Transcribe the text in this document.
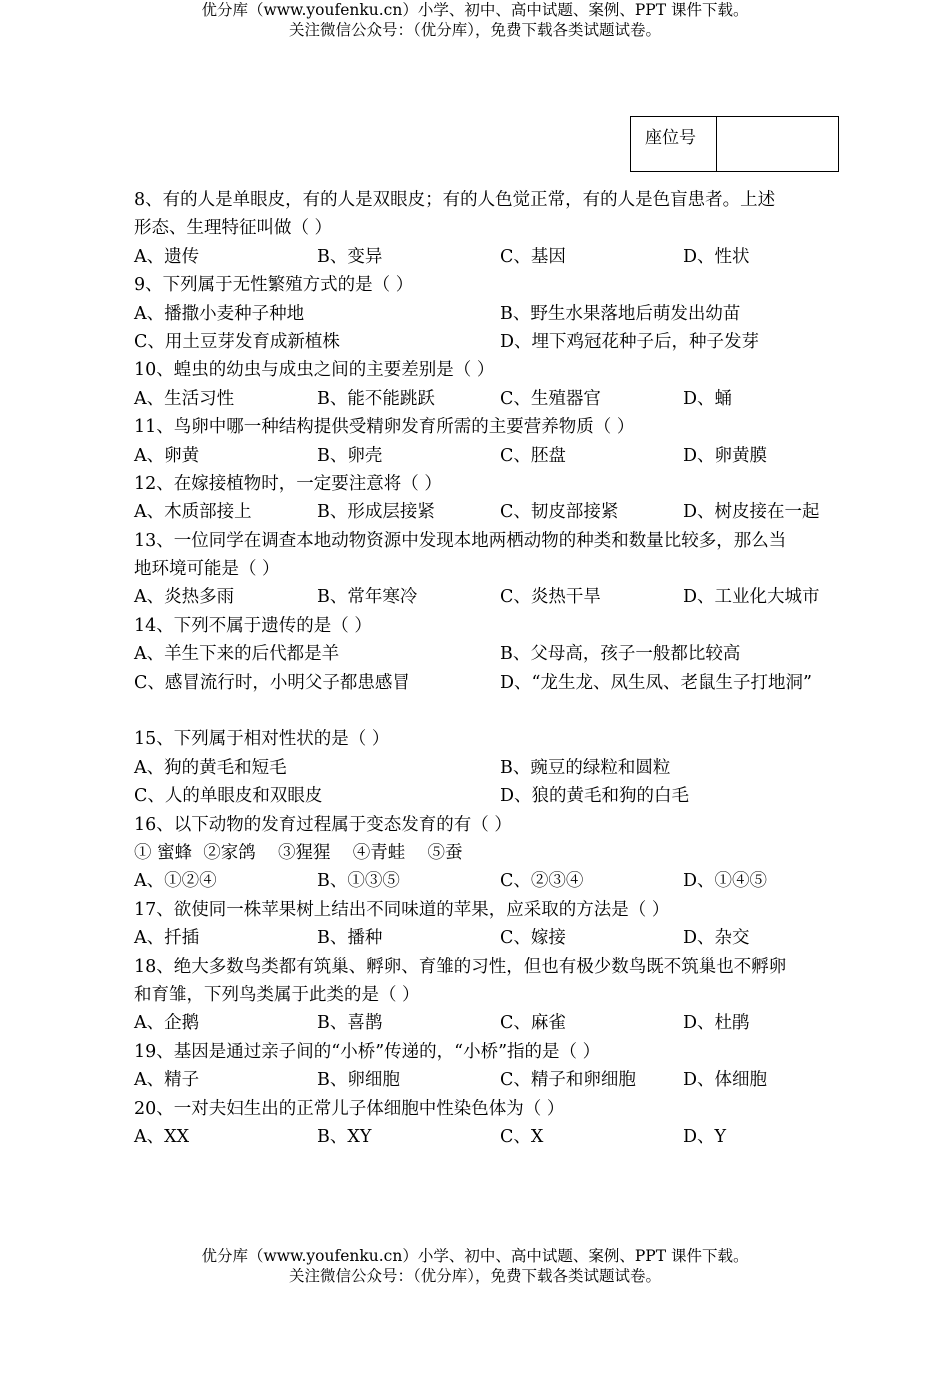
优分库（www.youfenku.cn）小学、初中、高中试题、案例、PPT 课件下载。
关注微信公众号：（优分库），免费下载各类试题试卷。
座位号
8、有的人是单眼皮，有的人是双眼皮；有的人色觉正常，有的人是色盲患者。上述
形态、生理特征叫做（ ）
A、遗传	B、变异	C、基因	D、性状
9、下列属于无性繁殖方式的是（ ）
A、播撒小麦种子种地	B、野生水果落地后萌发出幼苗
C、用土豆芽发育成新植株	D、埋下鸡冠花种子后，种子发芽
10、蝗虫的幼虫与成虫之间的主要差别是（ ）
A、生活习性	B、能不能跳跃	C、生殖器官	D、蛹
11、鸟卵中哪一种结构提供受精卵发育所需的主要营养物质（ ）
A、卵黄	B、卵壳	C、胚盘	D、卵黄膜
12、在嫁接植物时，一定要注意将（ ）
A、木质部接上	B、形成层接紧	C、韧皮部接紧	D、树皮接在一起
13、一位同学在调查本地动物资源中发现本地两栖动物的种类和数量比较多，那么当
地环境可能是（ ）
A、炎热多雨	B、常年寒冷	C、炎热干旱	D、工业化大城市
14、下列不属于遗传的是（ ）
A、羊生下来的后代都是羊	B、父母高，孩子一般都比较高
C、感冒流行时，小明父子都患感冒	D、“龙生龙、凤生凤、老鼠生子打地洞”
15、下列属于相对性状的是（ ）
A、狗的黄毛和短毛	B、豌豆的绿粒和圆粒
C、人的单眼皮和双眼皮	D、狼的黄毛和狗的白毛
16、以下动物的发育过程属于变态发育的有（ ）
① 蜜蜂  ②家鸽    ③猩猩    ④青蛙    ⑤蚕
A、①②④	B、①③⑤	C、②③④	D、①④⑤
17、欲使同一株苹果树上结出不同味道的苹果，应采取的方法是（ ）
A、扦插	B、播种	C、嫁接	D、杂交
18、绝大多数鸟类都有筑巢、孵卵、育雏的习性，但也有极少数鸟既不筑巢也不孵卵
和育雏，下列鸟类属于此类的是（ ）
A、企鹅	B、喜鹊	C、麻雀	D、杜鹃
19、基因是通过亲子间的“小桥”传递的，“小桥”指的是（ ）
A、精子	B、卵细胞	C、精子和卵细胞	D、体细胞
20、一对夫妇生出的正常儿子体细胞中性染色体为（ ）
A、XX	B、XY	C、X	D、Y
优分库（www.youfenku.cn）小学、初中、高中试题、案例、PPT 课件下载。
关注微信公众号：（优分库），免费下载各类试题试卷。
